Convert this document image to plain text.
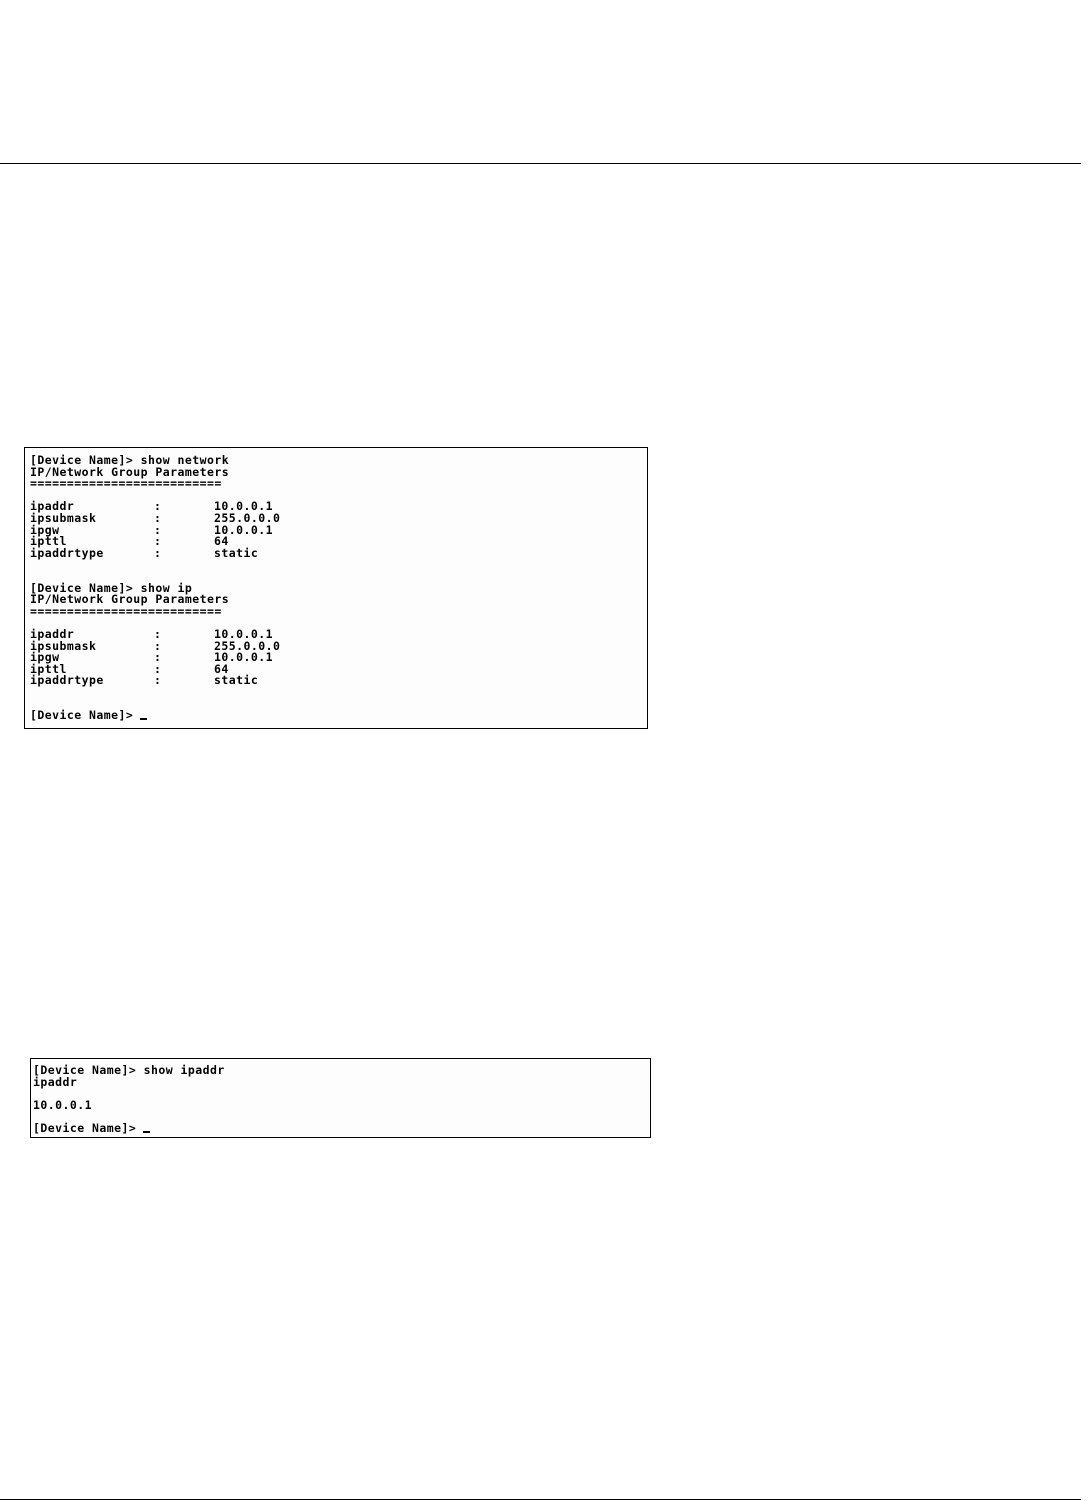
[Device Name]> show network
IP/Network Group Parameters
==========================
ipaddr	:	10.0.0.1
ipsubmask	:	255.0.0.0
ipgw	:	10.0.0.1
ipttl	:	64
ipaddrtype	:	static
[Device Name]> show ip
IP/Network Group Parameters
==========================
ipaddr	:	10.0.0.1
ipsubmask	:	255.0.0.0
ipgw	:	10.0.0.1
ipttl	:	64
ipaddrtype	:	static
[Device Name]>
[Device Name]> show ipaddr
ipaddr
10.0.0.1
[Device Name]>
